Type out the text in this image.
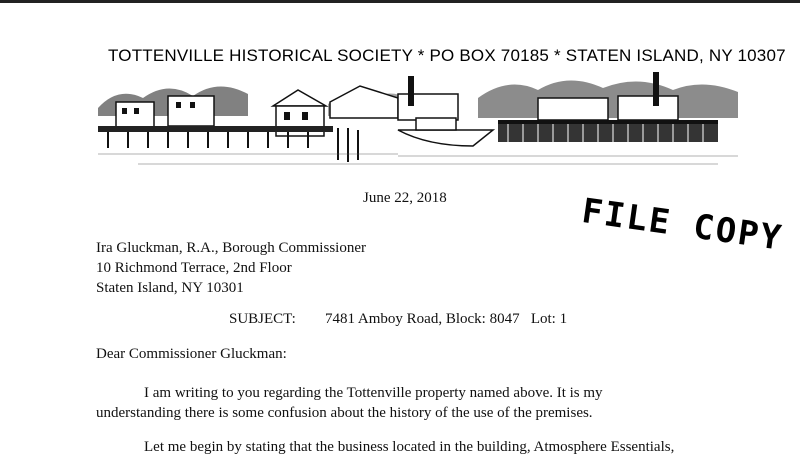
TOTTENVILLE HISTORICAL SOCIETY * PO BOX 70185 * STATEN ISLAND, NY 10307
June 22, 2018	FILE COPY
Ira Gluckman, R.A., Borough Commissioner
10 Richmond Terrace, 2nd Floor
Staten Island, NY 10301
SUBJECT: 7481 Amboy Road, Block: 8047   Lot: 1
Dear Commissioner Gluckman:
I am writing to you regarding the Tottenville property named above. It is my
understanding there is some confusion about the history of the use of the premises.
Let me begin by stating that the business located in the building, Atmosphere Essentials,
